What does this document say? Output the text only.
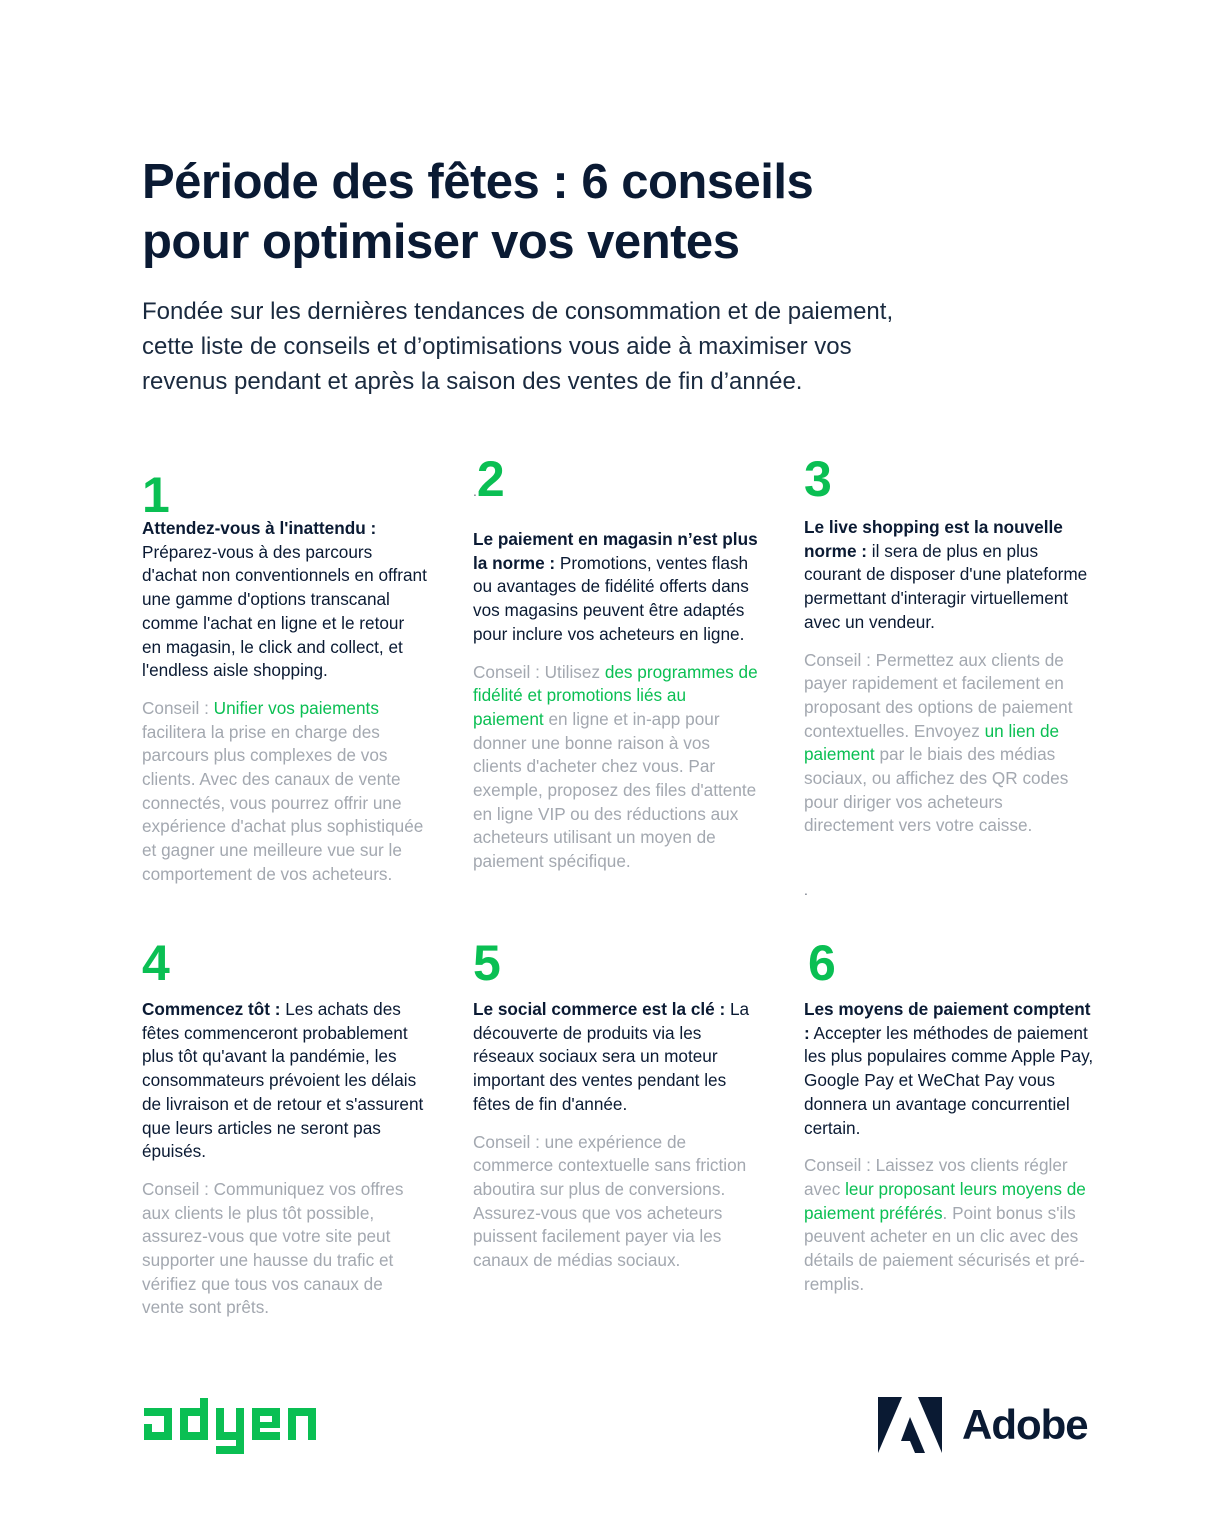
Période des fêtes : 6 conseils
pour optimiser vos ventes

Fondée sur les dernières tendances de consommation et de paiement, cette liste de conseils et d’optimisations vous aide à maximiser vos revenus pendant et après la saison des ventes de fin d’année.

1

Attendez-vous à l'inattendu : Préparez-vous à des parcours d'achat non conventionnels en offrant une gamme d'options transcanal comme l'achat en ligne et le retour en magasin, le click and collect, et l'endless aisle shopping.

Conseil : Unifier vos paiements facilitera la prise en charge des parcours plus complexes de vos clients. Avec des canaux de vente connectés, vous pourrez offrir une expérience d'achat plus sophistiquée et gagner une meilleure vue sur le comportement de vos acheteurs.

.2

Le paiement en magasin n’est plus la norme : Promotions, ventes flash ou avantages de fidélité offerts dans vos magasins peuvent être adaptés pour inclure vos acheteurs en ligne.

Conseil : Utilisez des programmes de fidélité et promotions liés au paiement en ligne et in-app pour donner une bonne raison à vos clients d'acheter chez vous. Par exemple, proposez des files d'attente en ligne VIP ou des réductions aux acheteurs utilisant un moyen de paiement spécifique.

3

Le live shopping est la nouvelle norme : il sera de plus en plus courant de disposer d'une plateforme permettant d'interagir virtuellement avec un vendeur.

Conseil : Permettez aux clients de payer rapidement et facilement en proposant des options de paiement contextuelles. Envoyez un lien de paiement par le biais des médias sociaux, ou affichez des QR codes pour diriger vos acheteurs directement vers votre caisse.

.
4

Commencez tôt : Les achats des fêtes commenceront probablement plus tôt qu'avant la pandémie, les consommateurs prévoient les délais de livraison et de retour et s'assurent que leurs articles ne seront pas épuisés.

Conseil : Communiquez vos offres aux clients le plus tôt possible, assurez-vous que votre site peut supporter une hausse du trafic et vérifiez que tous vos canaux de vente sont prêts.

5

Le social commerce est la clé : La découverte de produits via les réseaux sociaux sera un moteur important des ventes pendant les fêtes de fin d'année.

Conseil : une expérience de commerce contextuelle sans friction aboutira sur plus de conversions. Assurez-vous que vos acheteurs puissent facilement payer via les canaux de médias sociaux.

6

Les moyens de paiement comptent : Accepter les méthodes de paiement les plus populaires comme Apple Pay, Google Pay et WeChat Pay vous donnera un avantage concurrentiel certain.

Conseil : Laissez vos clients régler avec leur proposant leurs moyens de paiement préférés. Point bonus s'ils peuvent acheter en un clic avec des détails de paiement sécurisés et pré-remplis.

Adobe
